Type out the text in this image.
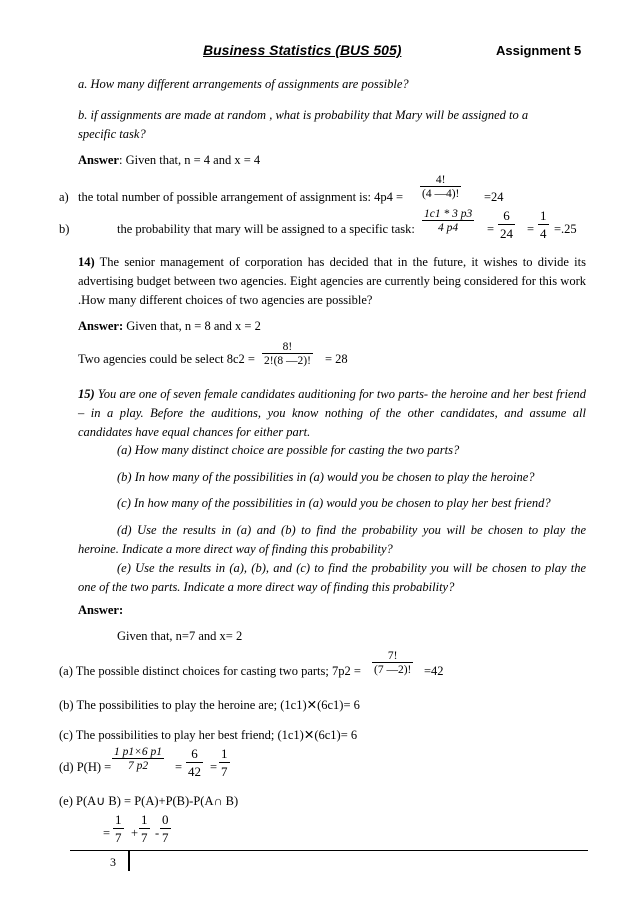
Business Statistics (BUS 505)	Assignment 5
a. How many different arrangements of assignments are possible?
b. if assignments are made at random , what is probability that Mary will be assigned to a
specific task?
Answer: Given that, n = 4 and x = 4
a) the total number of possible arrangement of assignment is: $4p4 = \frac{4!}{(4 —4)!} =24$
b)	the probability that mary will be assigned to a specific task: $\frac{1c1 * 3 p3}{4 p4} = \frac{6}{24} = \frac{1}{4} =.25$
14) The senior management of corporation has decided that in the future, it wishes to divide its advertising budget between two agencies. Eight agencies are currently being considered for this work .How many different choices of two agencies are possible?
Answer: Given that, n = 8 and x = 2
Two agencies could be select $8c2 = \frac{8!}{2!(8 —2)!} = 28$
15) You are one of seven female candidates auditioning for two parts- the heroine and her best friend – in a play. Before the auditions, you know nothing of the other candidates, and assume all candidates have equal chances for either part.
(a) How many distinct choice are possible for casting the two parts?
(b) In how many of the possibilities in (a) would you be chosen to play the heroine?
(c) In how many of the possibilities in (a) would you be chosen to play her best friend?
(d) Use the results in (a) and (b) to find the probability you will be chosen to play the heroine. Indicate a more direct way of finding this probability?
(e) Use the results in (a), (b), and (c) to find the probability you will be chosen to play the one of the two parts. Indicate a more direct way of finding this probability?
Answer:
Given that, n=7 and x= 2
(a) The possible distinct choices for casting two parts; $7p2 = \frac{7!}{(7 —2)!} =42$
(b) The possibilities to play the heroine are; (1c1)✕(6c1)= 6
(c) The possibilities to play her best friend; (1c1)✕(6c1)= 6
(d) $P(H) = \frac{1 p1\times 6 p1}{7 p2} = \frac{6}{42} = \frac{1}{7}$
(e) P(A∪ B) = P(A)+P(B)-P(A∩ B)
= $\frac{1}{7} + \frac{1}{7} - \frac{0}{7}$
3
